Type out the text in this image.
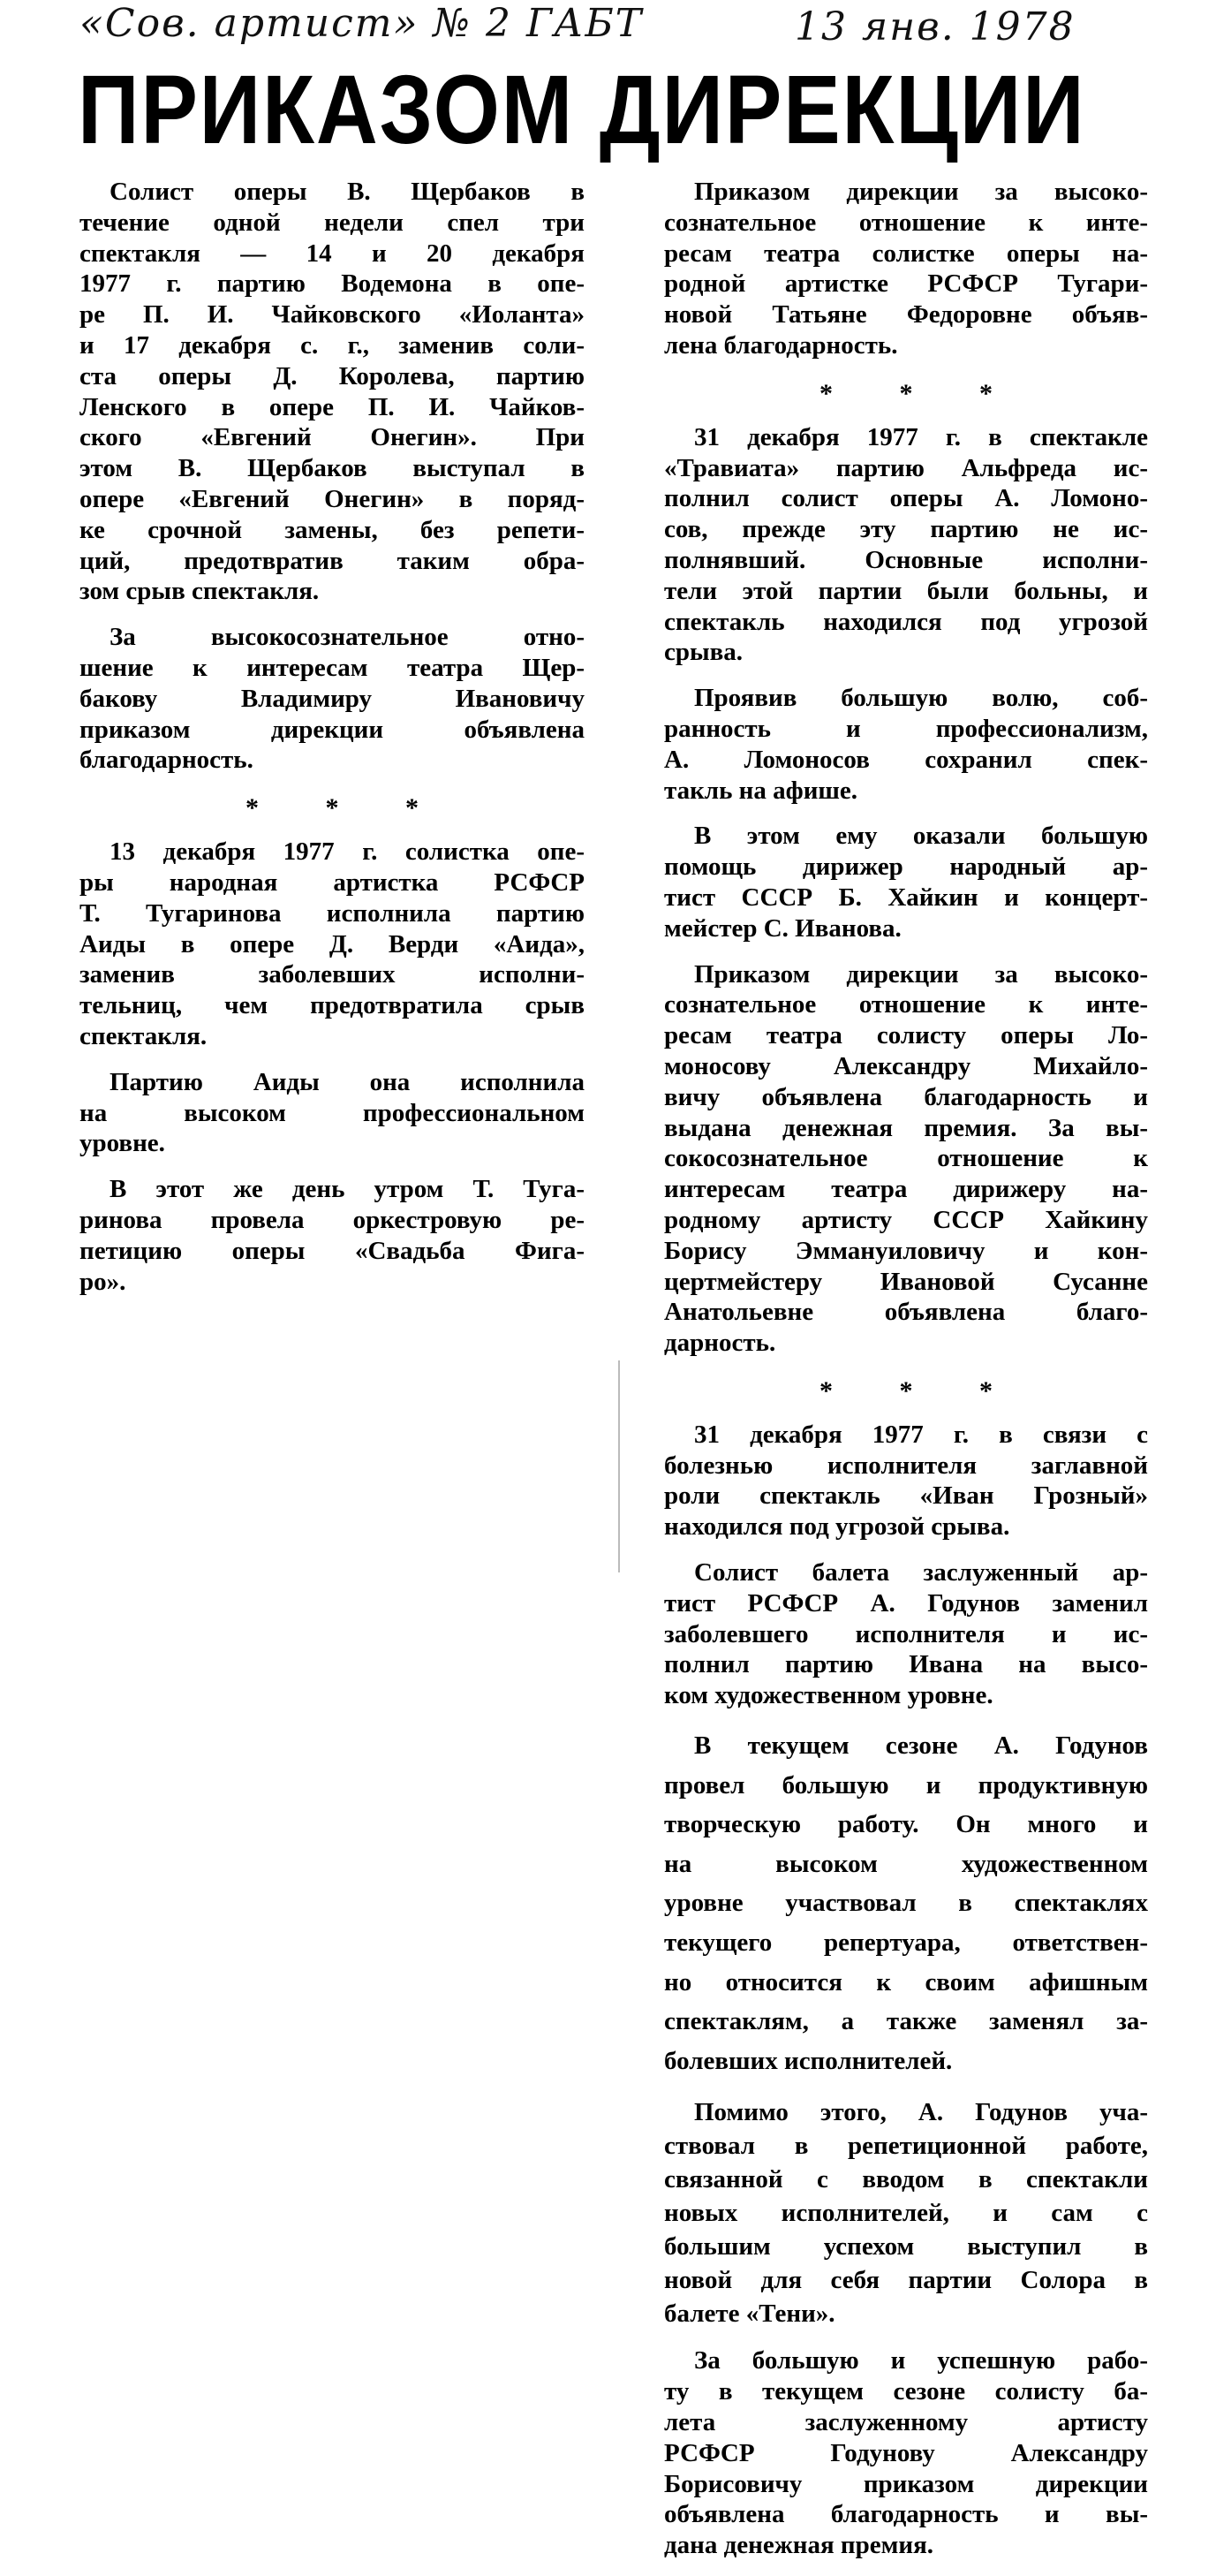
«Сов. артист» № 2 ГАБТ	13 янв. 1978
ПРИКАЗОМ ДИРЕКЦИИ
Солист оперы В. Щербаков в
течение одной недели спел три
спектакля — 14 и 20 декабря
1977 г. партию Водемона в опе-
ре П. И. Чайковского «Иоланта»
и 17 декабря с. г., заменив соли-
ста оперы Д. Королева, партию
Ленского в опере П. И. Чайков-
ского «Евгений Онегин». При
этом В. Щербаков выступал в
опере «Евгений Онегин» в поряд-
ке срочной замены, без репети-
ций, предотвратив таким обра-
зом срыв спектакля.
За высокосознательное отно-
шение к интересам театра Щер-
бакову Владимиру Ивановичу
приказом дирекции объявлена
благодарность.
* * *
13 декабря 1977 г. солистка опе-
ры народная артистка РСФСР
Т. Тугаринова исполнила партию
Аиды в опере Д. Верди «Аида»,
заменив заболевших исполни-
тельниц, чем предотвратила срыв
спектакля.
Партию Аиды она исполнила
на высоком профессиональном
уровне.
В этот же день утром Т. Туга-
ринова провела оркестровую ре-
петицию оперы «Свадьба Фига-
ро».
Приказом дирекции за высоко-
сознательное отношение к инте-
ресам театра солистке оперы на-
родной артистке РСФСР Тугари-
новой Татьяне Федоровне объяв-
лена благодарность.
* * *
31 декабря 1977 г. в спектакле
«Травиата» партию Альфреда ис-
полнил солист оперы А. Ломоно-
сов, прежде эту партию не ис-
полнявший. Основные исполни-
тели этой партии были больны, и
спектакль находился под угрозой
срыва.
Проявив большую волю, соб-
ранность и профессионализм,
А. Ломоносов сохранил спек-
такль на афише.
В этом ему оказали большую
помощь дирижер народный ар-
тист СССР Б. Хайкин и концерт-
мейстер С. Иванова.
Приказом дирекции за высоко-
сознательное отношение к инте-
ресам театра солисту оперы Ло-
моносову Александру Михайло-
вичу объявлена благодарность и
выдана денежная премия. За вы-
сокосознательное отношение к
интересам театра дирижеру на-
родному артисту СССР Хайкину
Борису Эммануиловичу и кон-
цертмейстеру Ивановой Сусанне
Анатольевне объявлена благо-
дарность.
* * *
31 декабря 1977 г. в связи с
болезнью исполнителя заглавной
роли спектакль «Иван Грозный»
находился под угрозой срыва.
Солист балета заслуженный ар-
тист РСФСР А. Годунов заменил
заболевшего исполнителя и ис-
полнил партию Ивана на высо-
ком художественном уровне.
В текущем сезоне А. Годунов
провел большую и продуктивную
творческую работу. Он много и
на высоком художественном
уровне участвовал в спектаклях
текущего репертуара, ответствен-
но относится к своим афишным
спектаклям, а также заменял за-
болевших исполнителей.
Помимо этого, А. Годунов уча-
ствовал в репетиционной работе,
связанной с вводом в спектакли
новых исполнителей, и сам с
большим успехом выступил в
новой для себя партии Солора в
балете «Тени».
За большую и успешную рабо-
ту в текущем сезоне солисту ба-
лета заслуженному артисту
РСФСР Годунову Александру
Борисовичу приказом дирекции
объявлена благодарность и вы-
дана денежная премия.
